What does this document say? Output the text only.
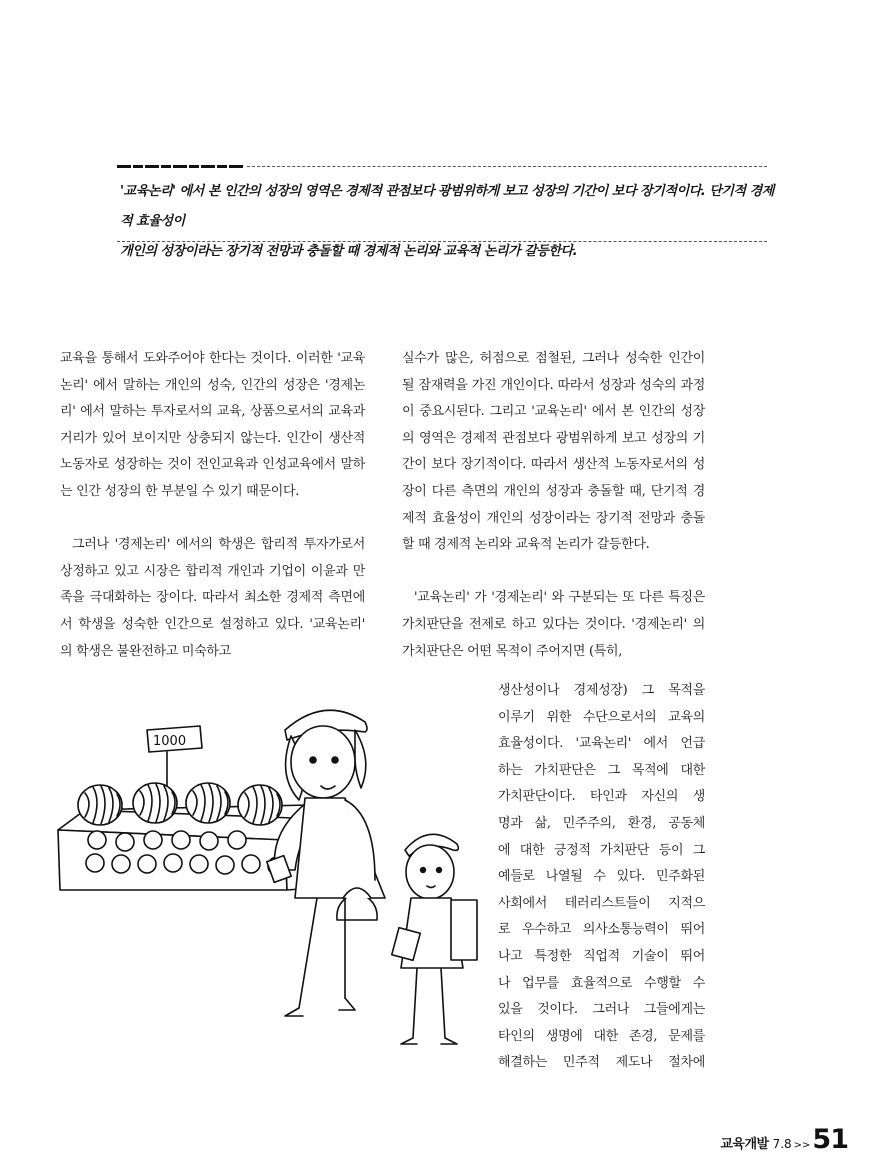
'교육논리' 에서 본 인간의 성장의 영역은 경제적 관점보다 광범위하게 보고 성장의 기간이 보다 장기적이다. 단기적 경제적 효율성이
개인의 성장이라는 장기적 전망과 충돌할 때 경제적 논리와 교육적 논리가 갈등한다.

교육을 통해서 도와주어야 한다는 것이다. 이러한 '교육논리' 에서 말하는 개인의 성숙, 인간의 성장은 '경제논리' 에서 말하는 투자로서의 교육, 상품으로서의 교육과 거리가 있어 보이지만 상충되지 않는다. 인간이 생산적 노동자로 성장하는 것이 전인교육과 인성교육에서 말하는 인간 성장의 한 부분일 수 있기 때문이다.

그러나 '경제논리' 에서의 학생은 합리적 투자가로서 상정하고 있고 시장은 합리적 개인과 기업이 이윤과 만족을 극대화하는 장이다. 따라서 최소한 경제적 측면에서 학생을 성숙한 인간으로 설정하고 있다. '교육논리' 의 학생은 불완전하고 미숙하고

실수가 많은, 허점으로 점철된, 그러나 성숙한 인간이 될 잠재력을 가진 개인이다. 따라서 성장과 성숙의 과정이 중요시된다. 그리고 '교육논리' 에서 본 인간의 성장의 영역은 경제적 관점보다 광범위하게 보고 성장의 기간이 보다 장기적이다. 따라서 생산적 노동자로서의 성장이 다른 측면의 개인의 성장과 충돌할 때, 단기적 경제적 효율성이 개인의 성장이라는 장기적 전망과 충돌할 때 경제적 논리와 교육적 논리가 갈등한다.

'교육논리' 가 '경제논리' 와 구분되는 또 다른 특징은 가치판단을 전제로 하고 있다는 것이다. '경제논리' 의 가치판단은 어떤 목적이 주어지면 (특히,

생산성이나 경제성장) 그 목적을
이루기 위한 수단으로서의 교육의
효율성이다. '교육논리' 에서 언급
하는 가치판단은 그 목적에 대한
가치판단이다. 타인과 자신의 생
명과 삶, 민주주의, 환경, 공동체
에 대한 긍정적 가치판단 등이 그
예들로 나열될 수 있다. 민주화된
사회에서 테러리스트들이 지적으
로 우수하고 의사소통능력이 뛰어
나고 특정한 직업적 기술이 뛰어
나 업무를 효율적으로 수행할 수
있을 것이다. 그러나 그들에게는
타인의 생명에 대한 존경, 문제를
해결하는 민주적 제도나 절차에
1000
교육개발 7.8 >> 51
